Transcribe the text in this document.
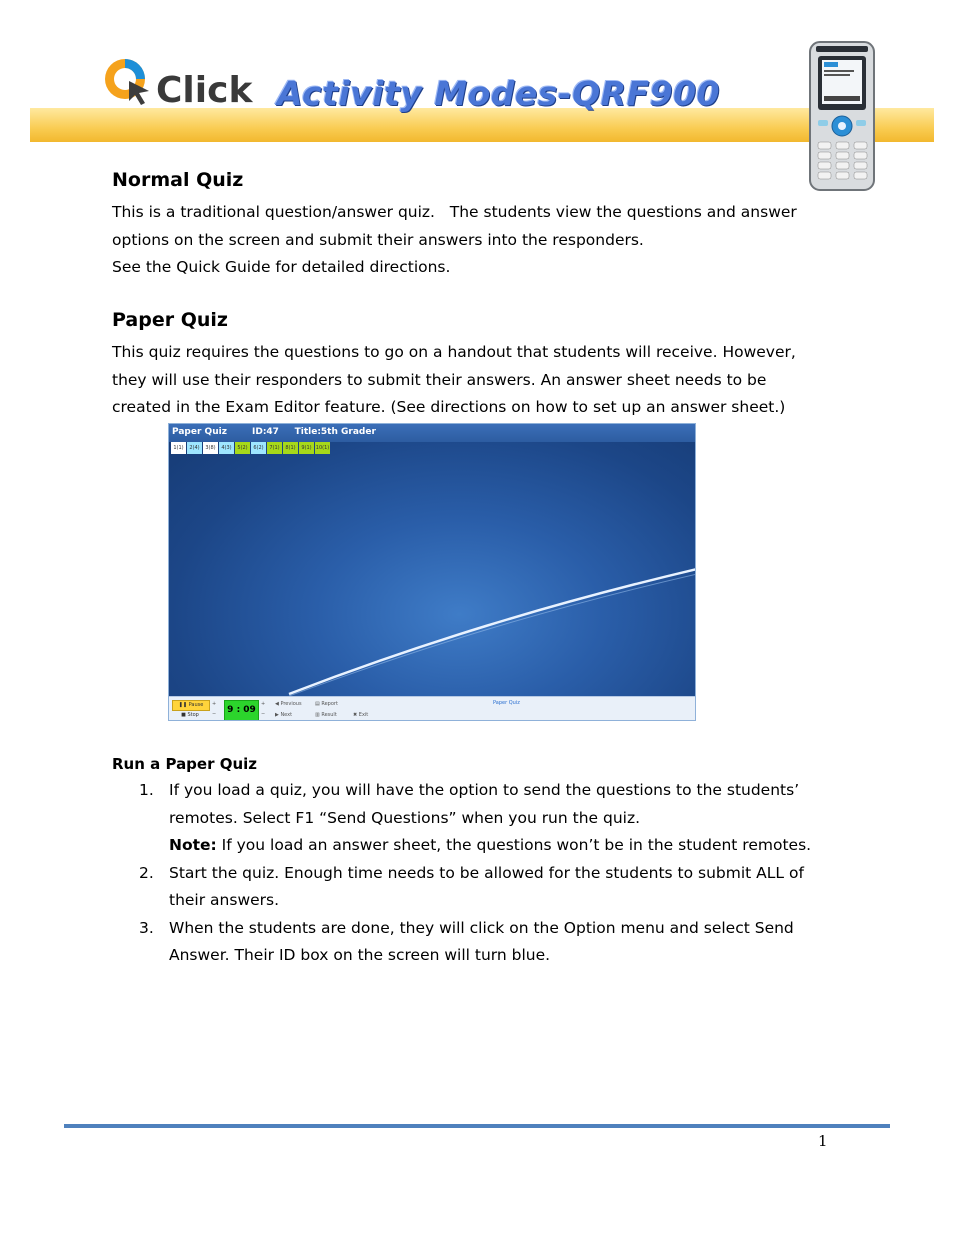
Click Activity Modes-QRF900
Normal Quiz
This is a traditional question/answer quiz.   The students view the questions and answer
options on the screen and submit their answers into the responders.
See the Quick Guide for detailed directions.
Paper Quiz
This quiz requires the questions to go on a handout that students will receive. However,
they will use their responders to submit their answers. An answer sheet needs to be
created in the Exam Editor feature. (See directions on how to set up an answer sheet.)
Paper Quiz        ID:47     Title:5th Grader
1(1)	2(4)	3(8)	4(3)	5(2)	6(2)	7(1)	8(1)	9(1) 10(1)
❚❚ Pause
■ Stop
+
−	9 : 09
+
−
◀ Previous
▶ Next
▤ Report
▥ Result	✖ Exit
Paper Quiz
Run a Paper Quiz
1. If you load a quiz, you will have the option to send the questions to the students’
remotes. Select F1 “Send Questions” when you run the quiz.
Note: If you load an answer sheet, the questions won’t be in the student remotes.
2. Start the quiz. Enough time needs to be allowed for the students to submit ALL of
their answers.
3. When the students are done, they will click on the Option menu and select Send
Answer. Their ID box on the screen will turn blue.
1
